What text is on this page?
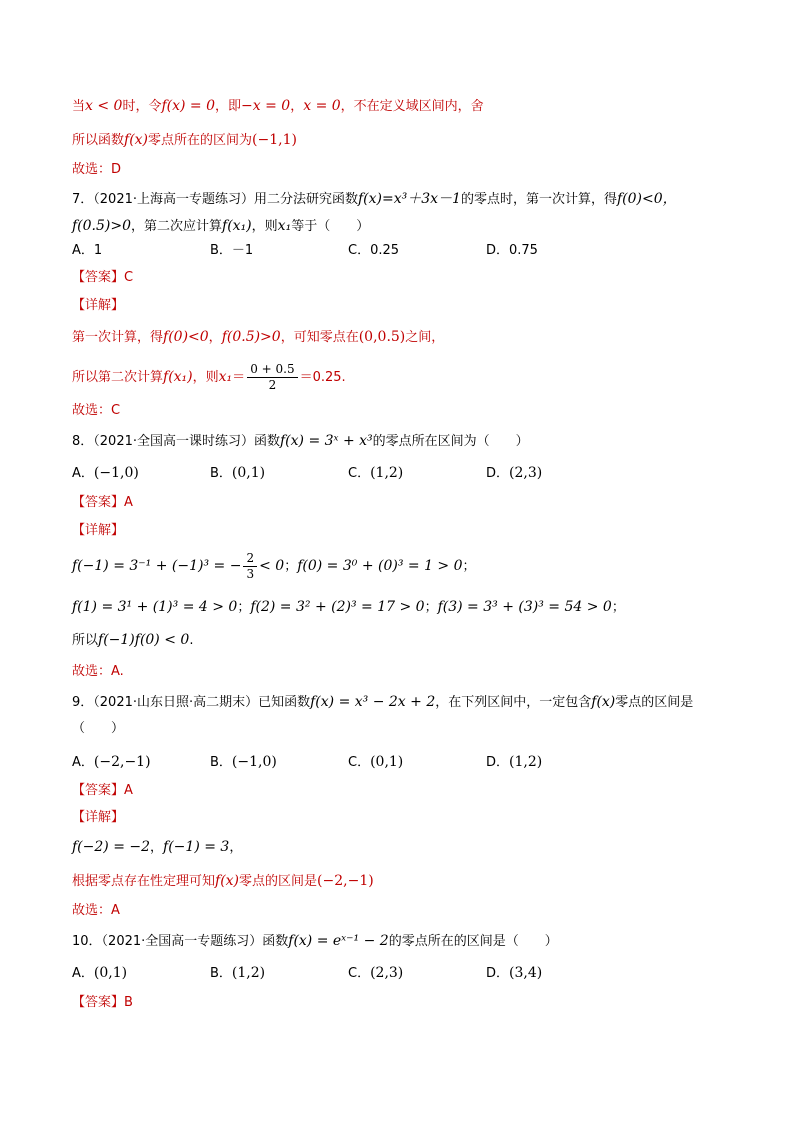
当x < 0时，令f(x) = 0，即−x = 0，x = 0，不在定义域区间内，舍
所以函数f(x)零点所在的区间为(−1,1)
故选：D
7．（2021·上海高一专题练习）用二分法研究函数f(x)=x³＋3x－1的零点时，第一次计算，得f(0)<0，
f(0.5)>0，第二次应计算f(x₁)，则x₁等于（　　）
A．1	B．－1	C．0.25	D．0.75
【答案】C
【详解】
第一次计算，得f(0)<0，f(0.5)>0，可知零点在(0,0.5)之间，
所以第二次计算f(x₁)，则$x_1= \frac{0 + 0.5}{2} =0.25$.
故选：C
8．（2021·全国高一课时练习）函数f(x) = 3ˣ + x³的零点所在区间为（　　）
A．(−1,0)	B．(0,1)	C．(1,2)	D．(2,3)
【答案】A
【详解】
f(−1) = 3⁻¹ + (−1)³ = − $\frac{2}{3} < 0$；f(0) = 3⁰ + (0)³ = 1 > 0；
f(1) = 3¹ + (1)³ = 4 > 0；f(2) = 3² + (2)³ = 17 > 0；f(3) = 3³ + (3)³ = 54 > 0；
所以f(−1)f(0) < 0.
故选：A.
9．（2021·山东日照·高二期末）已知函数f(x) = x³ − 2x + 2，在下列区间中，一定包含f(x)零点的区间是
（　　）
A．(−2,−1)	B．(−1,0)	C．(0,1)	D．(1,2)
【答案】A
【详解】
f(−2) = −2，f(−1) = 3，
根据零点存在性定理可知f(x)零点的区间是(−2,−1)
故选：A
10．（2021·全国高一专题练习）函数f(x) = eˣ⁻¹ − 2的零点所在的区间是（　　）
A．(0,1)	B．(1,2)	C．(2,3)	D．(3,4)
【答案】B
